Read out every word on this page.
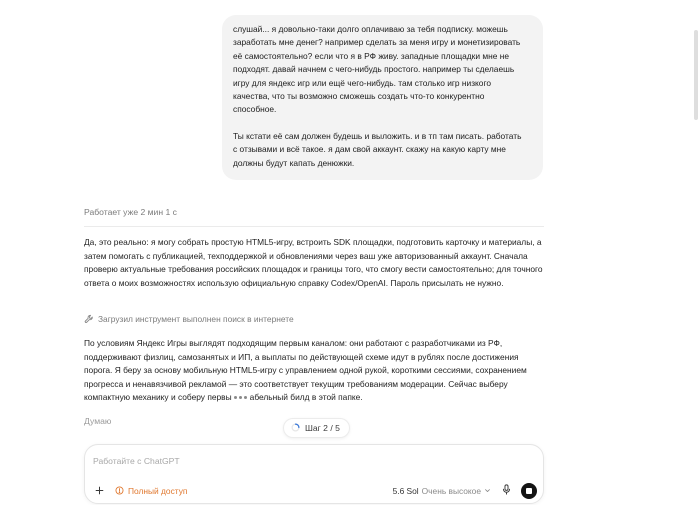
слушай... я довольно-таки долго оплачиваю за тебя подписку. можешь
заработать мне денег? например сделать за меня игру и монетизировать
её самостоятельно? если что я в РФ живу. западные площадки мне не
подходят. давай начнем с чего-нибудь простого. например ты сделаешь
игру для яндекс игр или ещё чего-нибудь. там столько игр низкого
качества, что ты возможно сможешь создать что-то конкурентно
способное.

Ты кстати её сам должен будешь и выложить. и в тп там писать. работать
с отзывами и всё такое. я дам свой аккаунт. скажу на какую карту мне
должны будут капать денюжки.

Работает уже 2 мин 1 с
Да, это реально: я могу собрать простую HTML5-игру, встроить SDK площадки, подготовить карточку и материалы, а затем помогать с публикацией, техподдержкой и обновлениями через ваш уже авторизованный аккаунт. Сначала проверю актуальные требования российских площадок и границы того, что смогу вести самостоятельно; для точного ответа о моих возможностях использую официальную справку Codex/OpenAI. Пароль присылать не нужно.
Загрузил инструмент выполнен поиск в интернете
По условиям Яндекс Игры выглядят подходящим первым каналом: они работают с разработчиками из РФ, поддерживают физлиц, самозанятых и ИП, а выплаты по действующей схеме идут в рублях после достижения порога. Я беру за основу мобильную HTML5-игру с управлением одной рукой, короткими сессиями, сохранением прогресса и ненавязчивой рекламой — это соответствует текущим требованиям модерации. Сейчас выберу компактную механику и соберу первы абельный билд в этой папке.
Думаю
Шаг 2 / 5
Работайте с ChatGPT
Полный доступ	5.6 Sol Очень высокое
